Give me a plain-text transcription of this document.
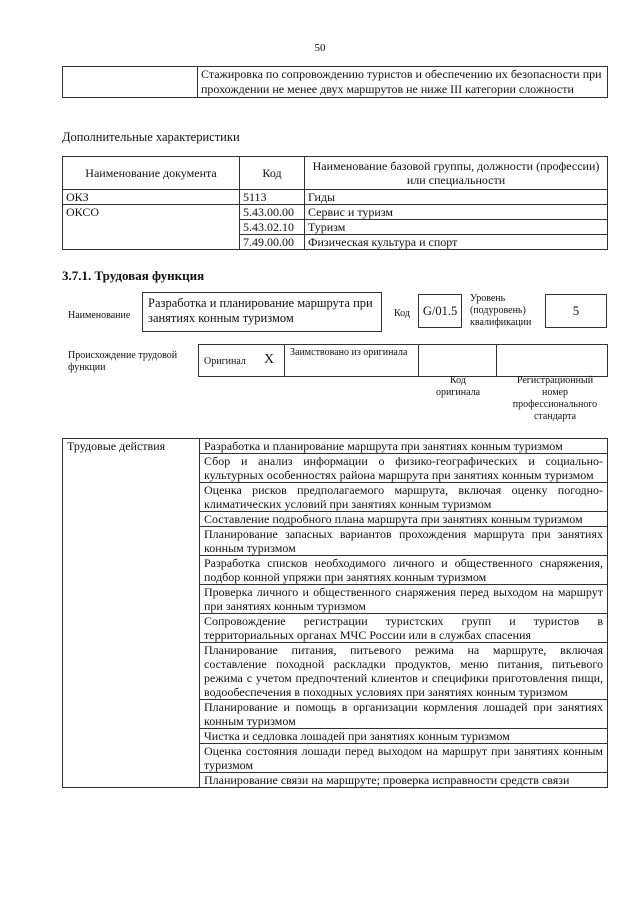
50
	Стажировка по сопровождению туристов и обеспечению их безопасности при прохождении не менее двух маршрутов не ниже III категории сложности
Дополнительные характеристики
Наименование документа	Код	Наименование базовой группы, должности (профессии) или специальности
ОКЗ	5113	Гиды
ОКСО	5.43.00.00	Сервис и туризм
	5.43.02.10	Туризм
	7.49.00.00	Физическая культура и спорт
3.7.1. Трудовая функция
Наименование
Разработка и планирование маршрута при занятиях конным туризмом	Код	G/01.5
Уровень (подуровень) квалификации
5
Происхождение трудовой функции
Оригинал X Заимствовано из оригинала
Код оригинала
Регистрационный номер профессионального стандарта
Трудовые действия	Разработка и планирование маршрута при занятиях конным туризмом
Сбор и анализ информации о физико-географических и социально-культурных особенностях района маршрута при занятиях конным туризмом
Оценка рисков предполагаемого маршрута, включая оценку погодно-климатических условий при занятиях конным туризмом
Составление подробного плана маршрута при занятиях конным туризмом
Планирование запасных вариантов прохождения маршрута при занятиях конным туризмом
Разработка списков необходимого личного и общественного снаряжения, подбор конной упряжи при занятиях конным туризмом
Проверка личного и общественного снаряжения перед выходом на маршрут при занятиях конным туризмом
Сопровождение регистрации туристских групп и туристов в территориальных органах МЧС России или в службах спасения
Планирование питания, питьевого режима на маршруте, включая составление походной раскладки продуктов, меню питания, питьевого режима с учетом предпочтений клиентов и специфики приготовления пищи, водообеспечения в походных условиях при занятиях конным туризмом
Планирование и помощь в организации кормления лошадей при занятиях конным туризмом
Чистка и седловка лошадей при занятиях конным туризмом
Оценка состояния лошади перед выходом на маршрут при занятиях конным туризмом
Планирование связи на маршруте; проверка исправности средств связи
